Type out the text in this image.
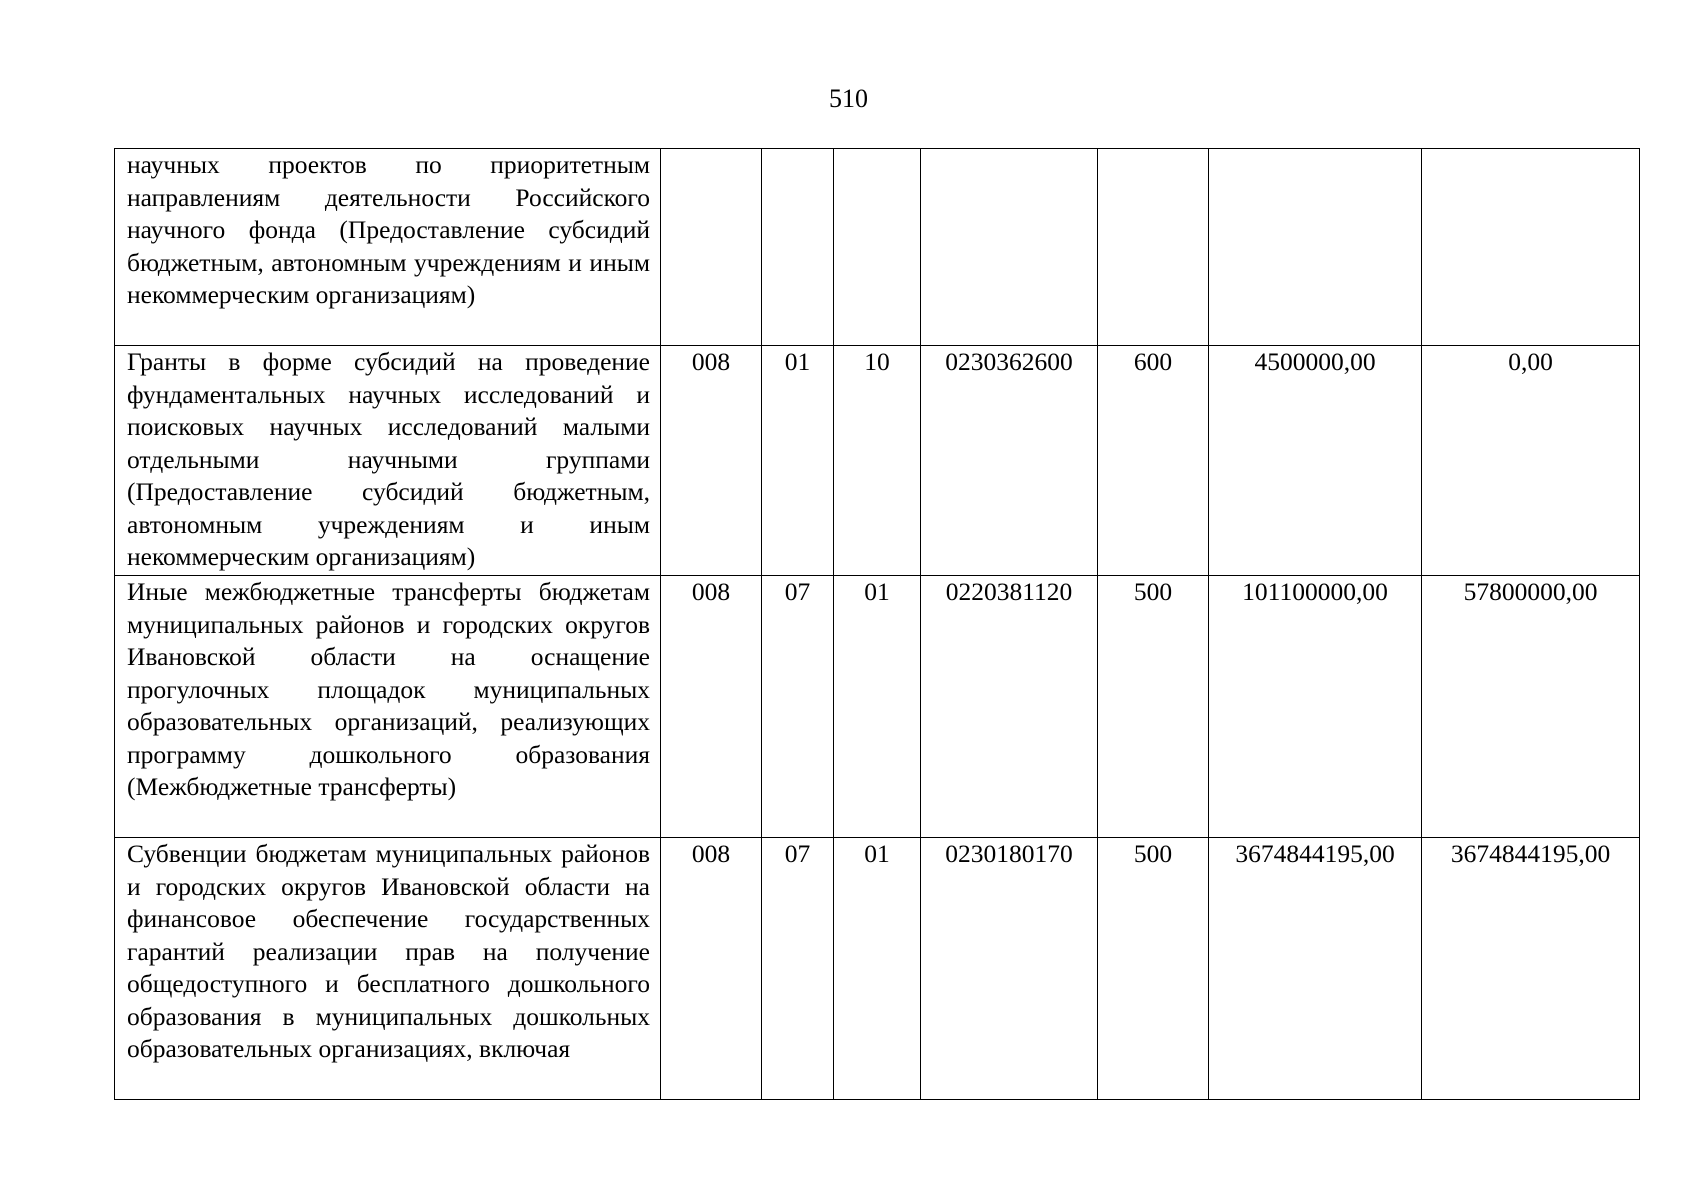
510
научных проектов по приоритетным направлениям деятельности Российского научного фонда (Предоставление субсидий бюджетным, автономным учреждениям и иным некоммерческим организациям)							

Гранты в форме субсидий на проведение фундаментальных научных исследований и поисковых научных исследований малыми отдельными научными группами (Предоставление субсидий бюджетным, автономным учреждениям и иным некоммерческим организациям)	008	01	10	0230362600	600	4500000,00	0,00

Иные межбюджетные трансферты бюджетам муниципальных районов и городских округов Ивановской области на оснащение прогулочных площадок муниципальных образовательных организаций, реализующих программу дошкольного образования (Межбюджетные трансферты)	008	07	01	0220381120	500	101100000,00	57800000,00

Субвенции бюджетам муниципальных районов и городских округов Ивановской области на финансовое обеспечение государственных гарантий реализации прав на получение общедоступного и бесплатного дошкольного образования в муниципальных дошкольных образовательных организациях, включая	008	07	01	0230180170	500	3674844195,00	3674844195,00
